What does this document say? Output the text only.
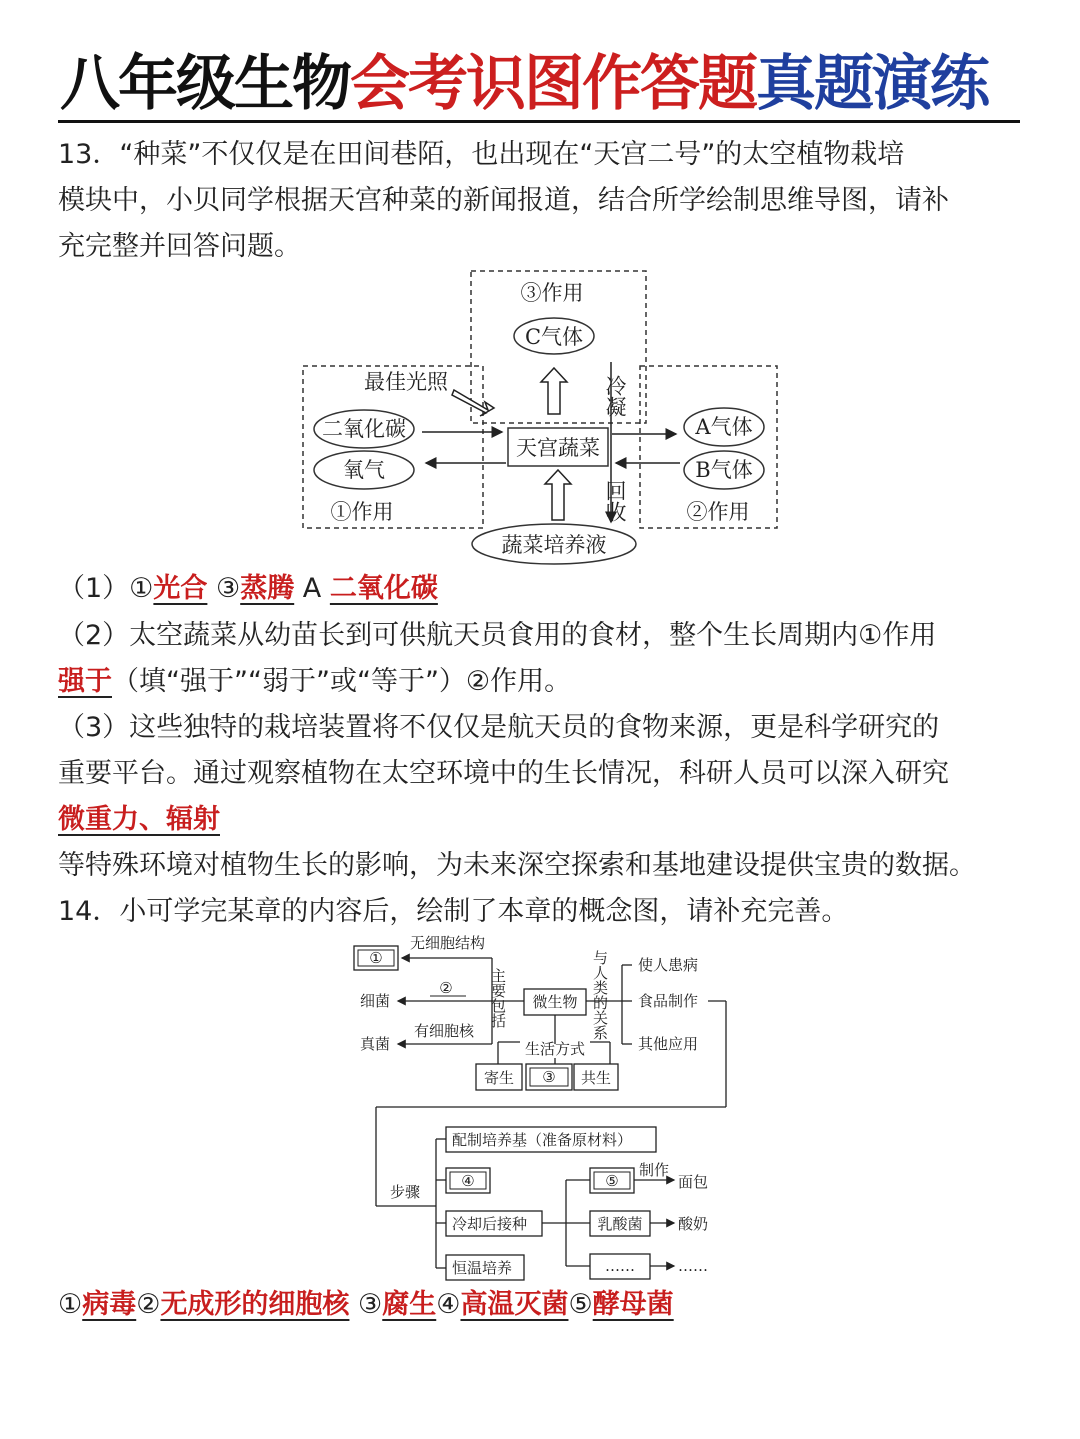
八年级生物会考识图作答题真题演练
13．“种菜”不仅仅是在田间巷陌，也出现在“天宫二号”的太空植物栽培
模块中，小贝同学根据天宫种菜的新闻报道，结合所学绘制思维导图，请补
充完整并回答问题。
③作用
C气体
冷凝
最佳光照
天宫蔬菜
二氧化碳
氧气
A气体
B气体
回收
①作用	②作用
蔬菜培养液
（1）①光合 ③蒸腾 A 二氧化碳
（2）太空蔬菜从幼苗长到可供航天员食用的食材，整个生长周期内①作用
强于（填“强于”“弱于”或“等于”）②作用。
（3）这些独特的栽培装置将不仅仅是航天员的食物来源，更是科学研究的
重要平台。通过观察植物在太空环境中的生长情况，科研人员可以深入研究
微重力、辐射
等特殊环境对植物生长的影响，为未来深空探索和基地建设提供宝贵的数据。
14．小可学完某章的内容后，绘制了本章的概念图，请补充完善。
①
无细胞结构
细菌
②
真菌
有细胞核
主要包括 微生物 与人类的关系 使人患病
食品制作
其他应用
生活方式
寄生 ③ 共生
步骤
配制培养基（准备原材料）
④
冷却后接种
恒温培养
⑤
制作
面包
乳酸菌 酸奶
……	……
①病毒②无成形的细胞核 ③腐生④高温灭菌⑤酵母菌
